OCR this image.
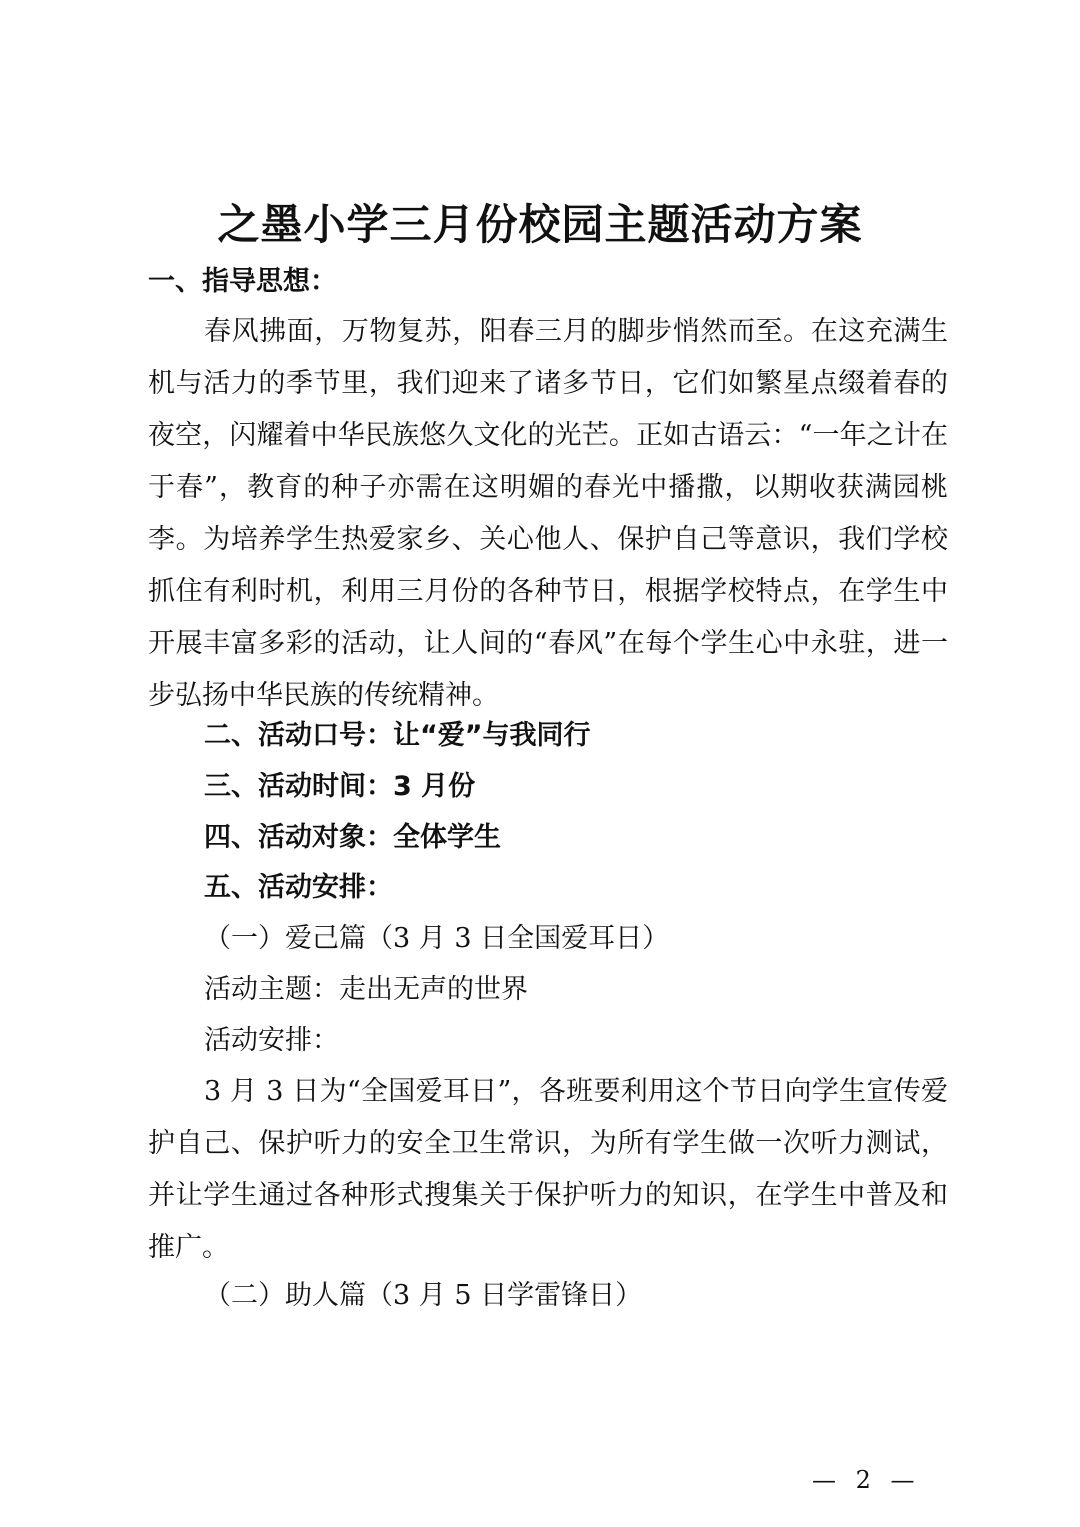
之墨小学三月份校园主题活动方案
一、指导思想：

春风拂面，万物复苏，阳春三月的脚步悄然而至。在这充满生机与活力的季节里，我们迎来了诸多节日，它们如繁星点缀着春的夜空，闪耀着中华民族悠久文化的光芒。正如古语云：“一年之计在于春”，教育的种子亦需在这明媚的春光中播撒，以期收获满园桃李。为培养学生热爱家乡、关心他人、保护自己等意识，我们学校抓住有利时机，利用三月份的各种节日，根据学校特点，在学生中开展丰富多彩的活动，让人间的“春风”在每个学生心中永驻，进一步弘扬中华民族的传统精神。

二、活动口号：让“爱”与我同行
三、活动时间：3 月份
四、活动对象：全体学生
五、活动安排：
（一）爱己篇（3 月 3 日全国爱耳日）
活动主题：走出无声的世界
活动安排：

3 月 3 日为“全国爱耳日”，各班要利用这个节日向学生宣传爱护自己、保护听力的安全卫生常识，为所有学生做一次听力测试，并让学生通过各种形式搜集关于保护听力的知识，在学生中普及和推广。

（二）助人篇（3 月 5 日学雷锋日）
— 2 —
